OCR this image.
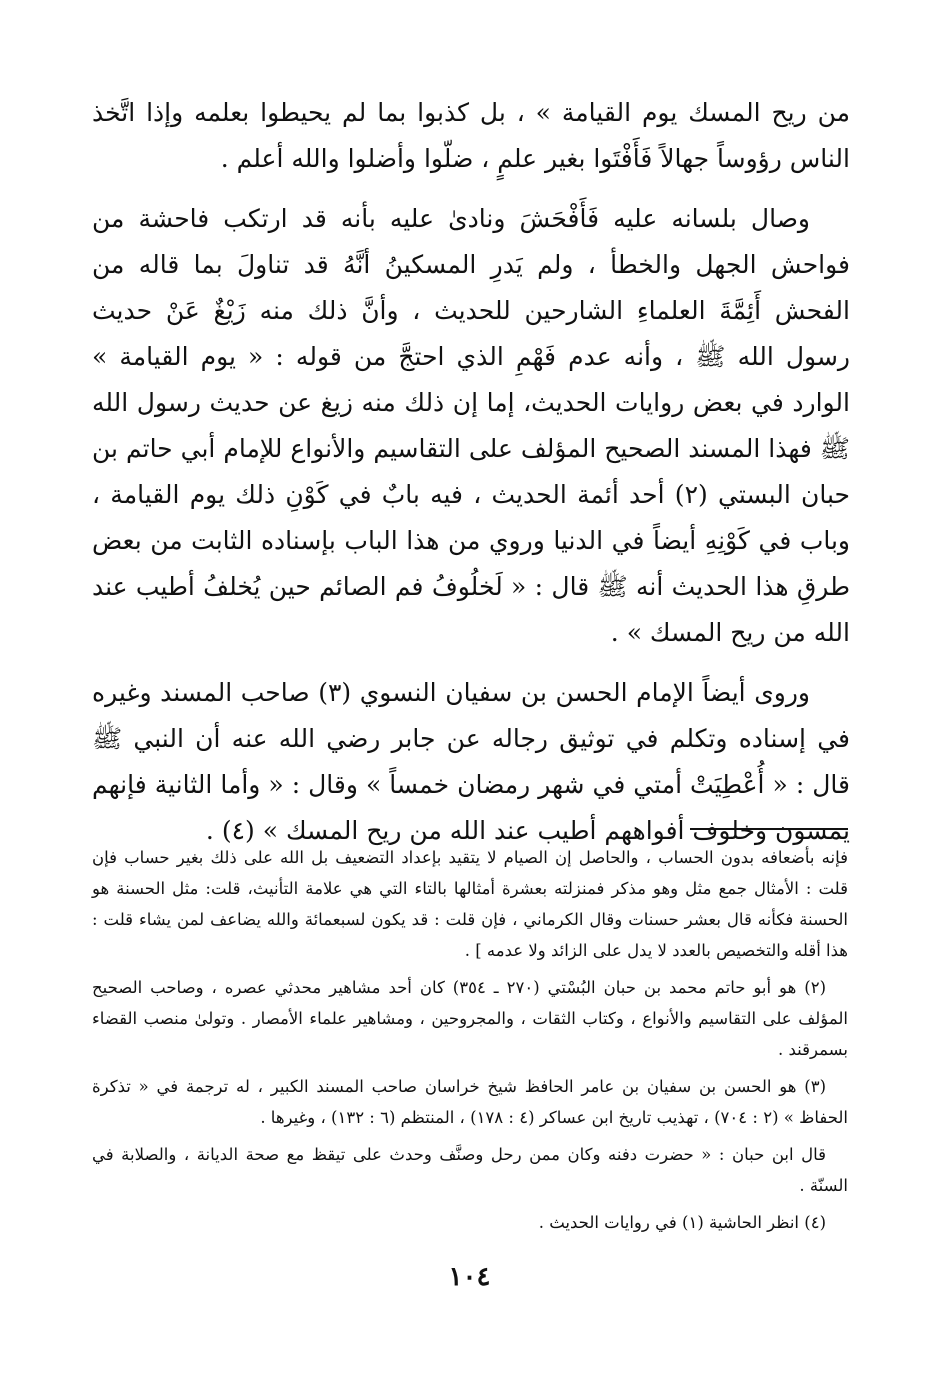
من ريح المسك يوم القيامة » ، بل كذبوا بما لم يحيطوا بعلمه وإذا اتَّخذ الناس رؤوساً جهالاً فَأَفْتَوا بغير علمٍ ، ضلّوا وأضلوا والله أعلم .

وصال بلسانه عليه فَأَفْحَشَ ونادىٰ عليه بأنه قد ارتكب فاحشة من فواحش الجهل والخطأ ، ولم يَدرِ المسكينُ أنَّهُ قد تناولَ بما قاله من الفحش أَئِمَّةَ العلماءِ الشارحين للحديث ، وأنَّ ذلك منه زَيْغٌ عَنْ حديث رسول الله ﷺ ، وأنه عدم فَهْمِ الذي احتجَّ من قوله : « يوم القيامة » الوارد في بعض روايات الحديث، إما إن ذلك منه زيغ عن حديث رسول الله ﷺ فهذا المسند الصحيح المؤلف على التقاسيم والأنواع للإمام أبي حاتم بن حبان البستي (٢) أحد أئمة الحديث ، فيه بابٌ في كَوْنِ ذلك يوم القيامة ، وباب في كَوْنِهِ أيضاً في الدنيا وروي من هذا الباب بإسناده الثابت من بعض طرقِ هذا الحديث أنه ﷺ قال : « لَخلُوفُ فم الصائم حين يُخلفُ أطيب عند الله من ريح المسك » .

وروى أيضاً الإمام الحسن بن سفيان النسوي (٣) صاحب المسند وغيره في إسناده وتكلم في توثيق رجاله عن جابر رضي الله عنه أن النبي ﷺ قال : « أُعْطِيَتْ أمتي في شهر رمضان خمساً » وقال : « وأما الثانية فإنهم يمسون وخلوف أفواههم أطيب عند الله من ريح المسك » (٤) .

فإنه بأضعافه بدون الحساب ، والحاصل إن الصيام لا يتقيد بإعداد التضعيف بل الله على ذلك بغير حساب فإن قلت : الأمثال جمع مثل وهو مذكر فمنزلته بعشرة أمثالها بالتاء التي هي علامة التأنيث، قلت: مثل الحسنة هو الحسنة فكأنه قال بعشر حسنات وقال الكرماني ، فإن قلت : قد يكون لسبعمائة والله يضاعف لمن يشاء قلت : هذا أقله والتخصيص بالعدد لا يدل على الزائد ولا عدمه ] .

(٢) هو أبو حاتم محمد بن حبان البُسْتي (٢٧٠ ـ ٣٥٤) كان أحد مشاهير محدثي عصره ، وصاحب الصحيح المؤلف على التقاسيم والأنواع ، وكتاب الثقات ، والمجروحين ، ومشاهير علماء الأمصار . وتولىٰ منصب القضاء بسمرقند .

(٣) هو الحسن بن سفيان بن عامر الحافظ شيخ خراسان صاحب المسند الكبير ، له ترجمة في « تذكرة الحفاظ » (٢ : ٧٠٤) ، تهذيب تاريخ ابن عساكر (٤ : ١٧٨) ، المنتظم (٦ : ١٣٢) ، وغيرها .

قال ابن حبان : « حضرت دفنه وكان ممن رحل وصنَّف وحدث على تيقظ مع صحة الديانة ، والصلابة في السنّة .

(٤) انظر الحاشية (١) في روايات الحديث .

١٠٤
